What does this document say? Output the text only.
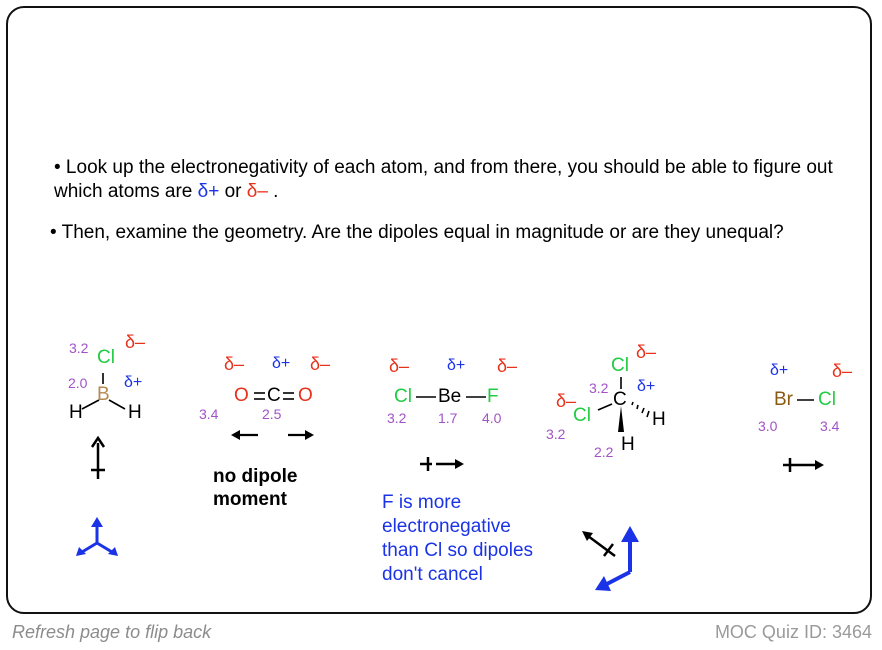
• Look up the electronegativity of each atom, and from there, you should be able to figure out which atoms are δ+ or δ– .
• Then, examine the geometry. Are the dipoles equal in magnitude or are they unequal?
3.2 Cl
δ–
2.0 δ+
B
H H
δ– δ+ δ–
O C O
3.4	2.5
no dipole
moment
δ– δ+ δ–
Cl Be F
3.2 1.7 4.0
F is more
electronegative
than Cl so dipoles
don't cancel
Cl
δ–
3.2 δ+
C
δ–
Cl	H
3.2	H
2.2
δ+ δ–
Br Cl
3.0	3.4
Refresh page to flip back	MOC Quiz ID: 3464
